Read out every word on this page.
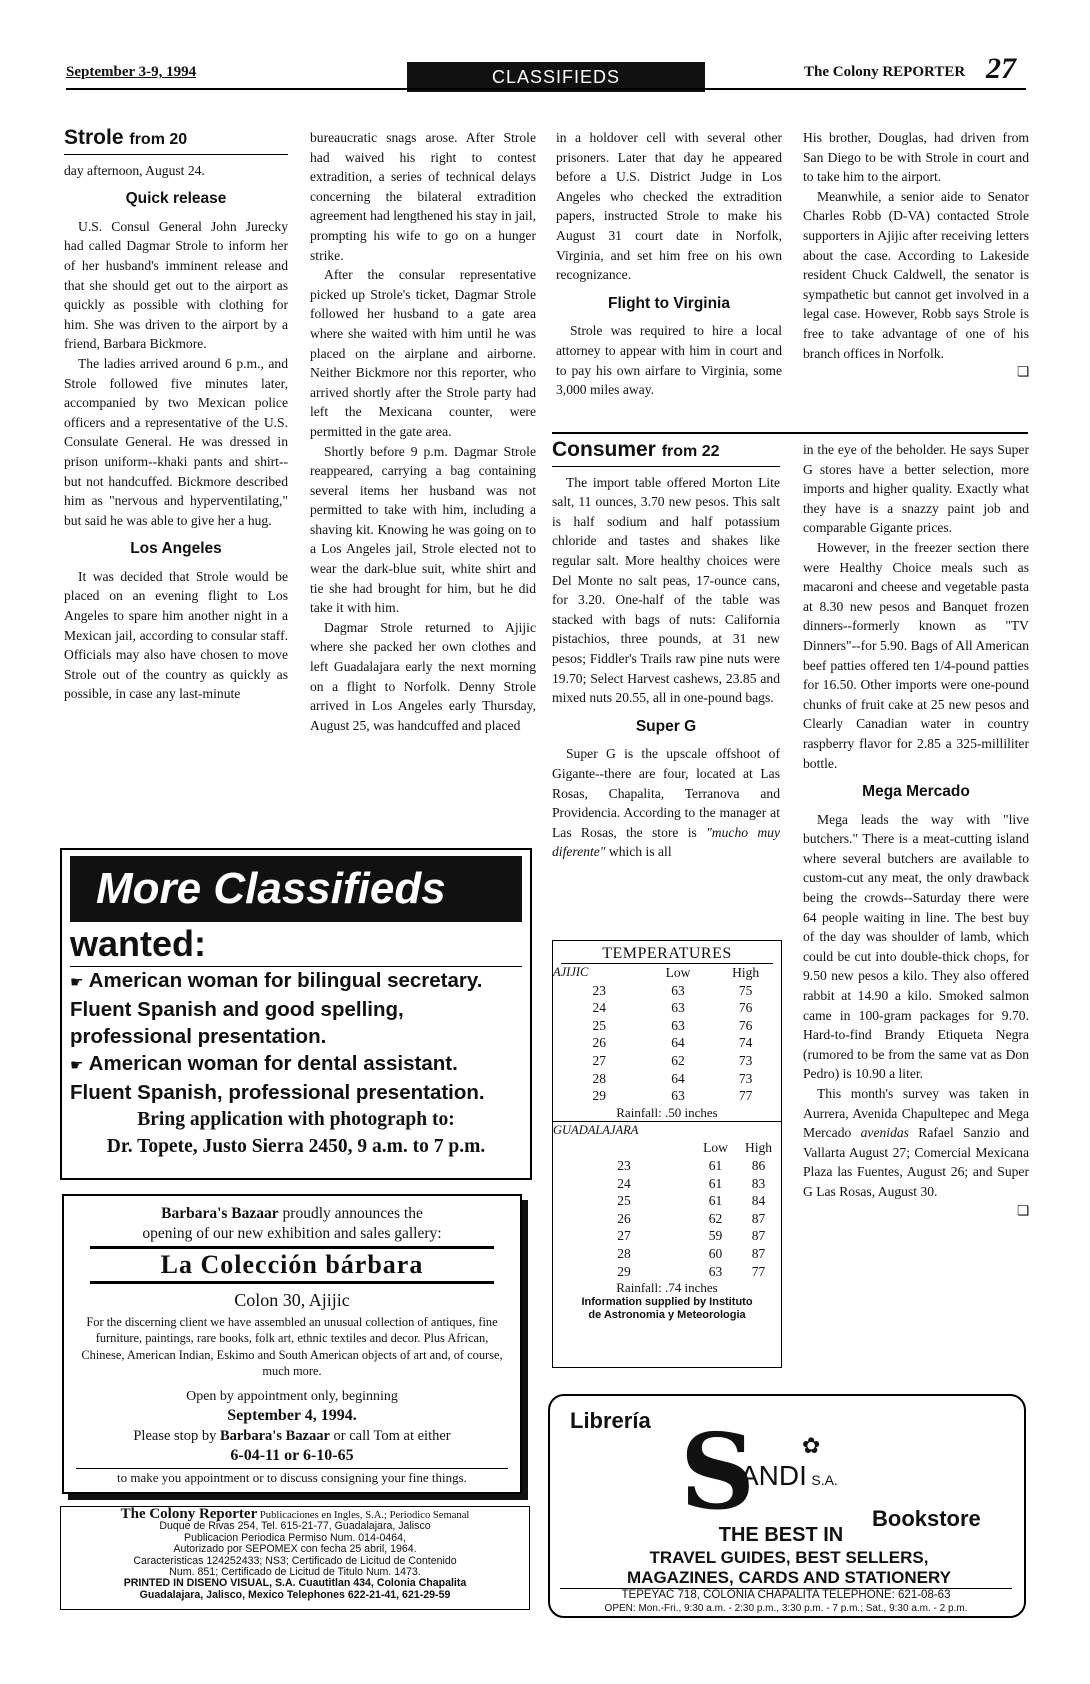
September 3-9, 1994	CLASSIFIEDS	The Colony REPORTER 27
Strole from 20

day afternoon, August 24.

Quick release

U.S. Consul General John Jurecky had called Dagmar Strole to inform her of her husband's imminent release and that she should get out to the airport as quickly as possible with clothing for him. She was driven to the airport by a friend, Barbara Bickmore.

The ladies arrived around 6 p.m., and Strole followed five minutes later, accompanied by two Mexican police officers and a representative of the U.S. Consulate General. He was dressed in prison uniform--khaki pants and shirt--but not handcuffed. Bickmore described him as "nervous and hyperventilating," but said he was able to give her a hug.

Los Angeles

It was decided that Strole would be placed on an evening flight to Los Angeles to spare him another night in a Mexican jail, according to consular staff. Officials may also have chosen to move Strole out of the country as quickly as possible, in case any last-minute

bureaucratic snags arose. After Strole had waived his right to contest extradition, a series of technical delays concerning the bilateral extradition agreement had lengthened his stay in jail, prompting his wife to go on a hunger strike.

After the consular representative picked up Strole's ticket, Dagmar Strole followed her husband to a gate area where she waited with him until he was placed on the airplane and airborne. Neither Bickmore nor this reporter, who arrived shortly after the Strole party had left the Mexicana counter, were permitted in the gate area.

Shortly before 9 p.m. Dagmar Strole reappeared, carrying a bag containing several items her husband was not permitted to take with him, including a shaving kit. Knowing he was going on to a Los Angeles jail, Strole elected not to wear the dark-blue suit, white shirt and tie she had brought for him, but he did take it with him.

Dagmar Strole returned to Ajijic where she packed her own clothes and left Guadalajara early the next morning on a flight to Norfolk. Denny Strole arrived in Los Angeles early Thursday, August 25, was handcuffed and placed

in a holdover cell with several other prisoners. Later that day he appeared before a U.S. District Judge in Los Angeles who checked the extradition papers, instructed Strole to make his August 31 court date in Norfolk, Virginia, and set him free on his own recognizance.

Flight to Virginia

Strole was required to hire a local attorney to appear with him in court and to pay his own airfare to Virginia, some 3,000 miles away.

His brother, Douglas, had driven from San Diego to be with Strole in court and to take him to the airport.

Meanwhile, a senior aide to Senator Charles Robb (D-VA) contacted Strole supporters in Ajijic after receiving letters about the case. According to Lakeside resident Chuck Caldwell, the senator is sympathetic but cannot get involved in a legal case. However, Robb says Strole is free to take advantage of one of his branch offices in Norfolk.

❏
Consumer from 22

The import table offered Morton Lite salt, 11 ounces, 3.70 new pesos. This salt is half sodium and half potassium chloride and tastes and shakes like regular salt. More healthy choices were Del Monte no salt peas, 17-ounce cans, for 3.20. One-half of the table was stacked with bags of nuts: California pistachios, three pounds, at 31 new pesos; Fiddler's Trails raw pine nuts were 19.70; Select Harvest cashews, 23.85 and mixed nuts 20.55, all in one-pound bags.

Super G

Super G is the upscale offshoot of Gigante--there are four, located at Las Rosas, Chapalita, Terranova and Providencia. According to the manager at Las Rosas, the store is "mucho muy diferente" which is all

TEMPERATURES
AJIJIC	Low	High
23	63	75
24	63	76
25	63	76
26	64	74
27	62	73
28	64	73
29	63	77
Rainfall: .50 inches
GUADALAJARA		
	Low	High
23	61	86
24	61	83
25	61	84
26	62	87
27	59	87
28	60	87
29	63	77
Rainfall: .74 inches
Information supplied by Instituto
de Astronomia y Meteorologia

in the eye of the beholder. He says Super G stores have a better selection, more imports and higher quality. Exactly what they have is a snazzy paint job and comparable Gigante prices.

However, in the freezer section there were Healthy Choice meals such as macaroni and cheese and vegetable pasta at 8.30 new pesos and Banquet frozen dinners--formerly known as "TV Dinners"--for 5.90. Bags of All American beef patties offered ten 1/4-pound patties for 16.50. Other imports were one-pound chunks of fruit cake at 25 new pesos and Clearly Canadian water in country raspberry flavor for 2.85 a 325-milliliter bottle.

Mega Mercado

Mega leads the way with "live butchers." There is a meat-cutting island where several butchers are available to custom-cut any meat, the only drawback being the crowds--Saturday there were 64 people waiting in line. The best buy of the day was shoulder of lamb, which could be cut into double-thick chops, for 9.50 new pesos a kilo. They also offered rabbit at 14.90 a kilo. Smoked salmon came in 100-gram packages for 9.70. Hard-to-find Brandy Etiqueta Negra (rumored to be from the same vat as Don Pedro) is 10.90 a liter.

This month's survey was taken in Aurrera, Avenida Chapultepec and Mega Mercado avenidas Rafael Sanzio and Vallarta August 27; Comercial Mexicana Plaza las Fuentes, August 26; and Super G Las Rosas, August 30.

❏
More Classifieds
wanted:
☛ American woman for bilingual secretary.
Fluent Spanish and good spelling,
professional presentation.
☛ American woman for dental assistant.
Fluent Spanish, professional presentation.
Bring application with photograph to:
Dr. Topete, Justo Sierra 2450, 9 a.m. to 7 p.m.
Barbara's Bazaar proudly announces the
opening of our new exhibition and sales gallery:
La Colección bárbara
Colon 30, Ajijic
For the discerning client we have assembled an unusual collection of antiques, fine furniture, paintings, rare books, folk art, ethnic textiles and decor. Plus African, Chinese, American Indian, Eskimo and South American objects of art and, of course, much more.
Open by appointment only, beginning
September 4, 1994.
Please stop by Barbara's Bazaar or call Tom at either
6-04-11 or 6-10-65
to make you appointment or to discuss consigning your fine things.
The Colony Reporter Publicaciones en Ingles, S.A.; Periodico Semanal
Duque de Rivas 254, Tel. 615-21-77, Guadalajara, Jalisco
Publicacion Periodica Permiso Num. 014-0464,
Autorizado por SEPOMEX con fecha 25 abril, 1964.
Caracteristicas 124252433; NS3; Certificado de Licitud de Contenido
Num. 851; Certificado de Licitud de Titulo Num. 1473.
PRINTED IN DISENO VISUAL, S.A. Cuautitlan 434, Colonia Chapalita
Guadalajara, Jalisco, Mexico Telephones 622-21-41, 621-29-59
Librería S ✿
ANDI S.A.
Bookstore
THE BEST IN
TRAVEL GUIDES, BEST SELLERS,
MAGAZINES, CARDS AND STATIONERY
TEPEYAC 718, COLONIA CHAPALITA TELEPHONE: 621-08-63
OPEN: Mon.-Fri., 9:30 a.m. - 2:30 p.m., 3:30 p.m. - 7 p.m.; Sat., 9:30 a.m. - 2 p.m.
